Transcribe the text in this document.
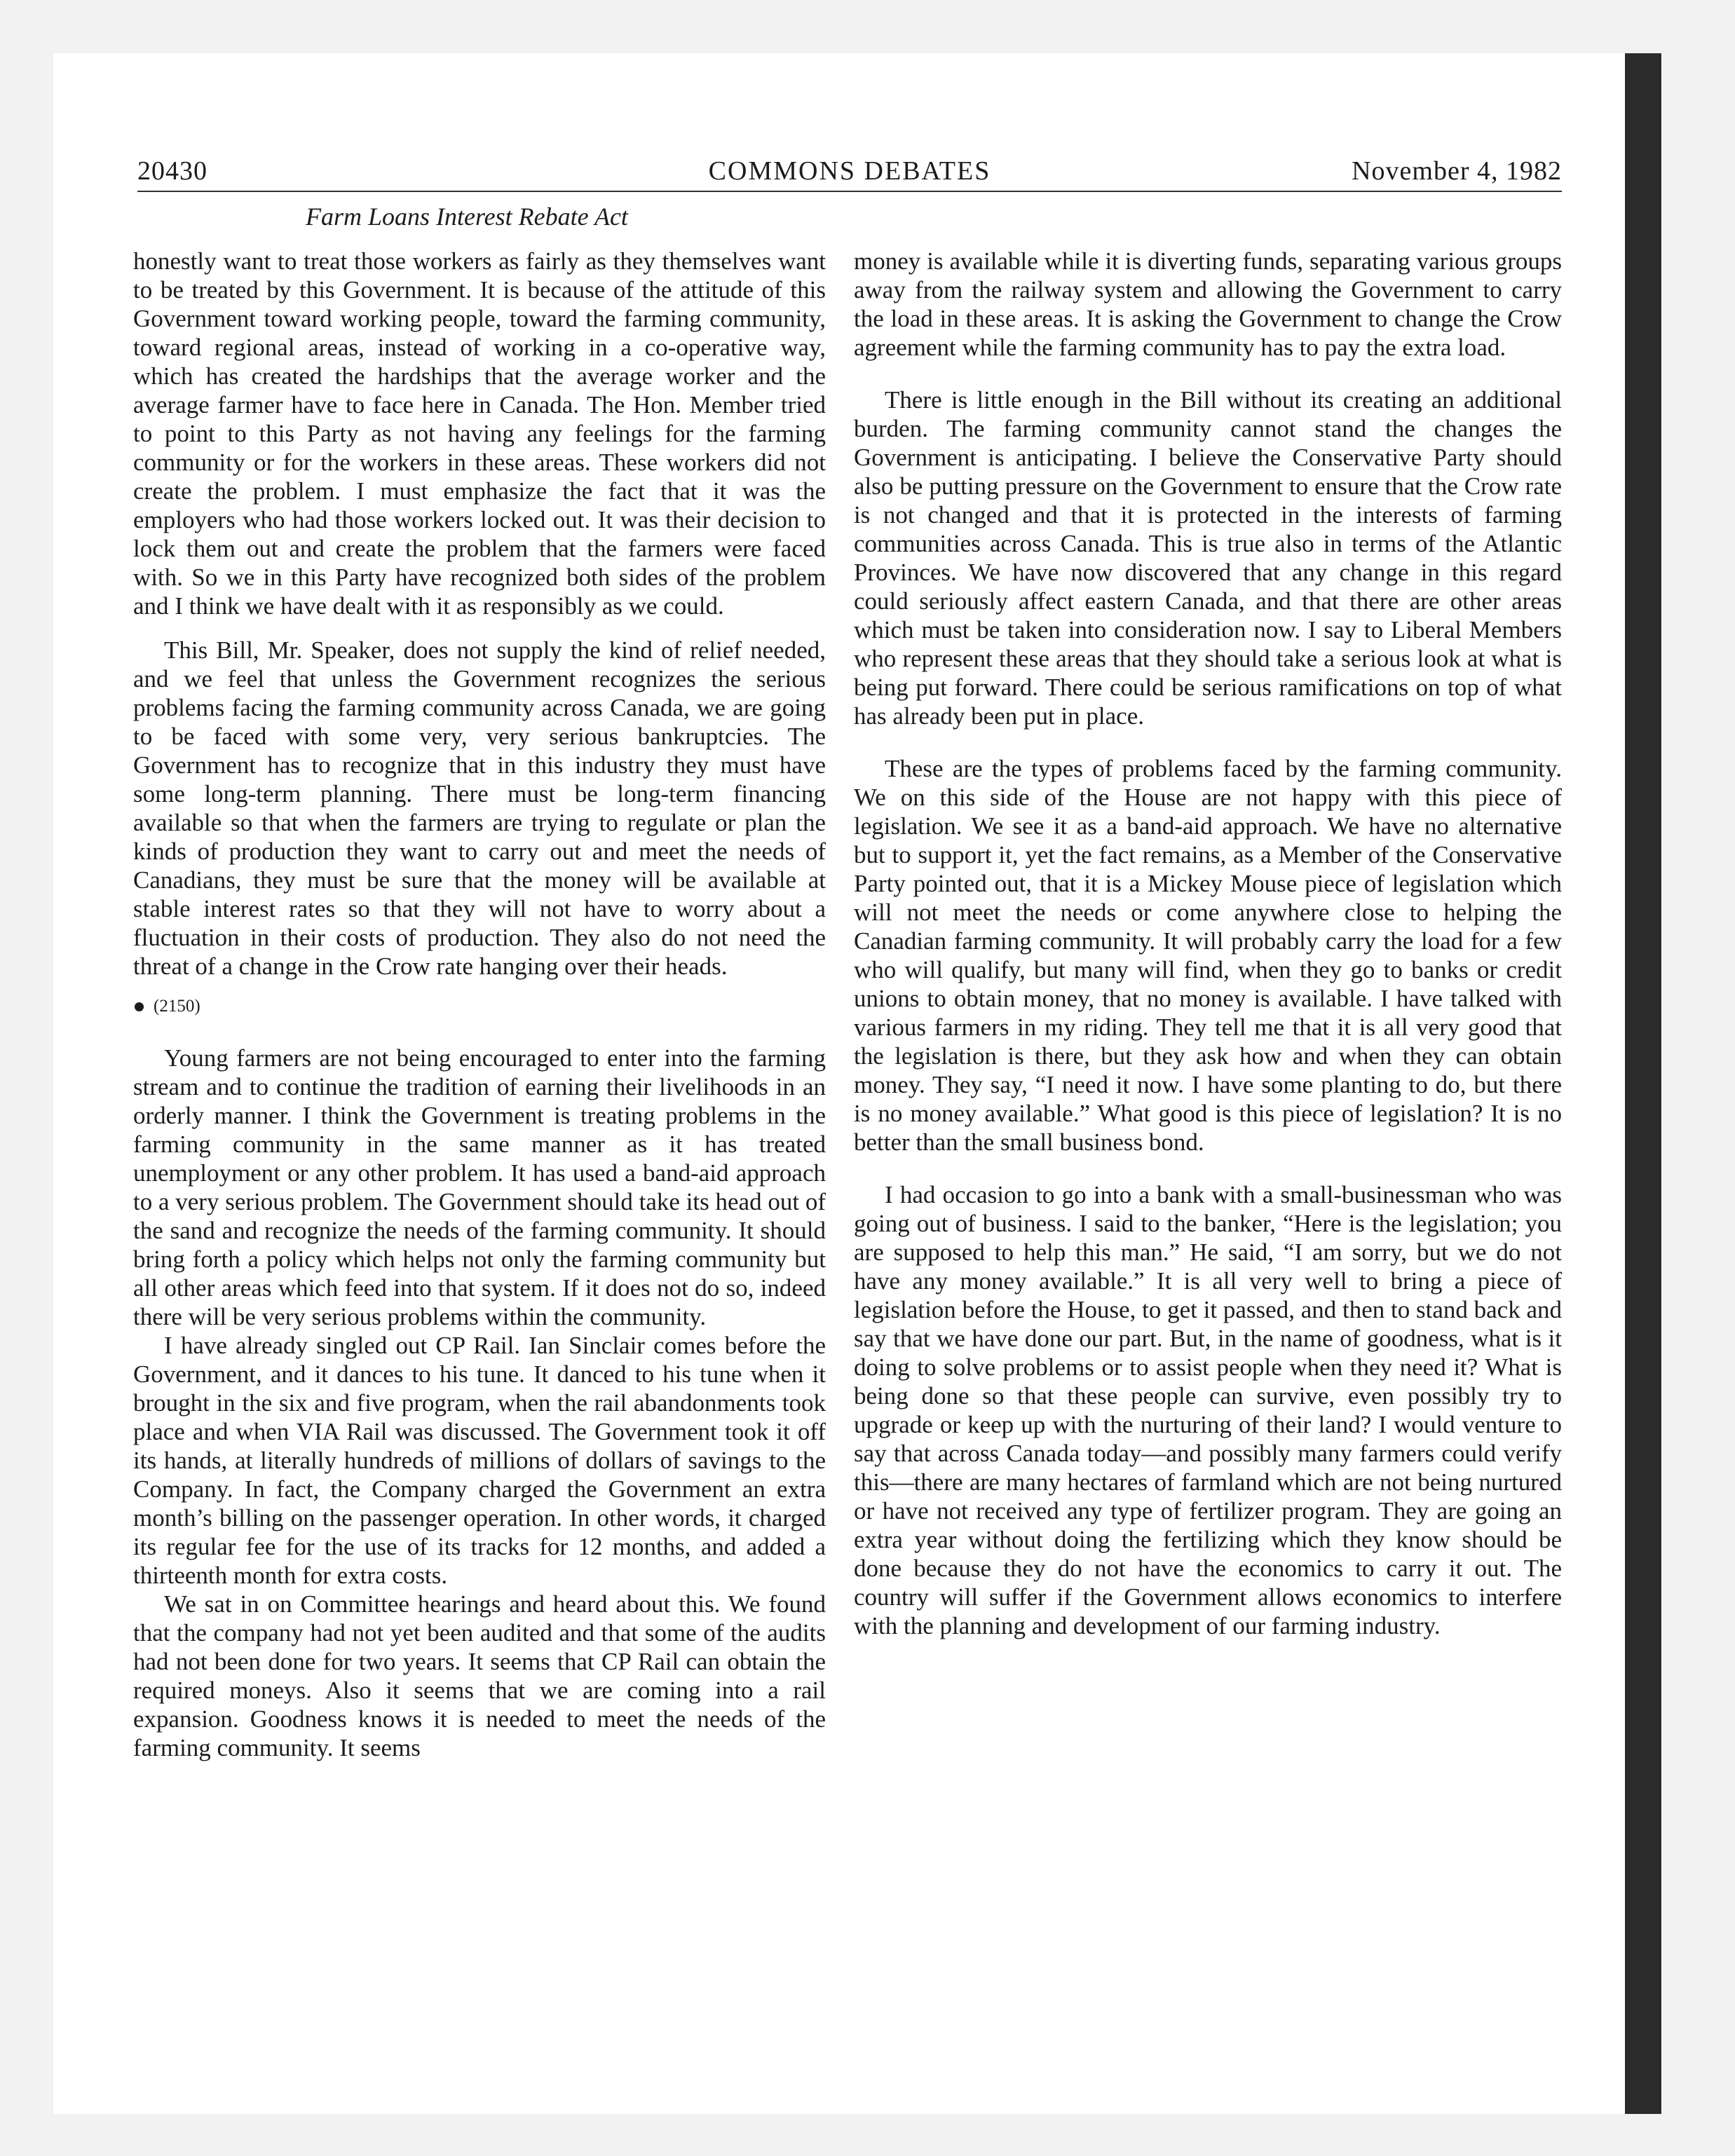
20430	COMMONS DEBATES	November 4, 1982
Farm Loans Interest Rebate Act

honestly want to treat those workers as fairly as they themselves want to be treated by this Government. It is because of the attitude of this Government toward working people, toward the farming community, toward regional areas, instead of working in a co-operative way, which has created the hardships that the average worker and the average farmer have to face here in Canada. The Hon. Member tried to point to this Party as not having any feelings for the farming community or for the workers in these areas. These workers did not create the problem. I must emphasize the fact that it was the employers who had those workers locked out. It was their decision to lock them out and create the problem that the farmers were faced with. So we in this Party have recognized both sides of the problem and I think we have dealt with it as responsibly as we could.

This Bill, Mr. Speaker, does not supply the kind of relief needed, and we feel that unless the Government recognizes the serious problems facing the farming community across Canada, we are going to be faced with some very, very serious bankruptcies. The Government has to recognize that in this industry they must have some long-term planning. There must be long-term financing available so that when the farmers are trying to regulate or plan the kinds of production they want to carry out and meet the needs of Canadians, they must be sure that the money will be available at stable interest rates so that they will not have to worry about a fluctuation in their costs of production. They also do not need the threat of a change in the Crow rate hanging over their heads.

(2150)

Young farmers are not being encouraged to enter into the farming stream and to continue the tradition of earning their livelihoods in an orderly manner. I think the Government is treating problems in the farming community in the same manner as it has treated unemployment or any other problem. It has used a band-aid approach to a very serious problem. The Government should take its head out of the sand and recognize the needs of the farming community. It should bring forth a policy which helps not only the farming community but all other areas which feed into that system. If it does not do so, indeed there will be very serious problems within the community.

I have already singled out CP Rail. Ian Sinclair comes before the Government, and it dances to his tune. It danced to his tune when it brought in the six and five program, when the rail abandonments took place and when VIA Rail was discussed. The Government took it off its hands, at literally hundreds of millions of dollars of savings to the Company. In fact, the Company charged the Government an extra month’s billing on the passenger operation. In other words, it charged its regular fee for the use of its tracks for 12 months, and added a thirteenth month for extra costs.

We sat in on Committee hearings and heard about this. We found that the company had not yet been audited and that some of the audits had not been done for two years. It seems that CP Rail can obtain the required moneys. Also it seems that we are coming into a rail expansion. Goodness knows it is needed to meet the needs of the farming community. It seems

money is available while it is diverting funds, separating various groups away from the railway system and allowing the Government to carry the load in these areas. It is asking the Government to change the Crow agreement while the farming community has to pay the extra load.

There is little enough in the Bill without its creating an additional burden. The farming community cannot stand the changes the Government is anticipating. I believe the Conservative Party should also be putting pressure on the Government to ensure that the Crow rate is not changed and that it is protected in the interests of farming communities across Canada. This is true also in terms of the Atlantic Provinces. We have now discovered that any change in this regard could seriously affect eastern Canada, and that there are other areas which must be taken into consideration now. I say to Liberal Members who represent these areas that they should take a serious look at what is being put forward. There could be serious ramifications on top of what has already been put in place.

These are the types of problems faced by the farming community. We on this side of the House are not happy with this piece of legislation. We see it as a band-aid approach. We have no alternative but to support it, yet the fact remains, as a Member of the Conservative Party pointed out, that it is a Mickey Mouse piece of legislation which will not meet the needs or come anywhere close to helping the Canadian farming community. It will probably carry the load for a few who will qualify, but many will find, when they go to banks or credit unions to obtain money, that no money is available. I have talked with various farmers in my riding. They tell me that it is all very good that the legislation is there, but they ask how and when they can obtain money. They say, “I need it now. I have some planting to do, but there is no money available.” What good is this piece of legislation? It is no better than the small business bond.

I had occasion to go into a bank with a small-businessman who was going out of business. I said to the banker, “Here is the legislation; you are supposed to help this man.” He said, “I am sorry, but we do not have any money available.” It is all very well to bring a piece of legislation before the House, to get it passed, and then to stand back and say that we have done our part. But, in the name of goodness, what is it doing to solve problems or to assist people when they need it? What is being done so that these people can survive, even possibly try to upgrade or keep up with the nurturing of their land? I would venture to say that across Canada today—and possibly many farmers could verify this—there are many hectares of farmland which are not being nurtured or have not received any type of fertilizer program. They are going an extra year without doing the fertilizing which they know should be done because they do not have the economics to carry it out. The country will suffer if the Government allows economics to interfere with the planning and development of our farming industry.
